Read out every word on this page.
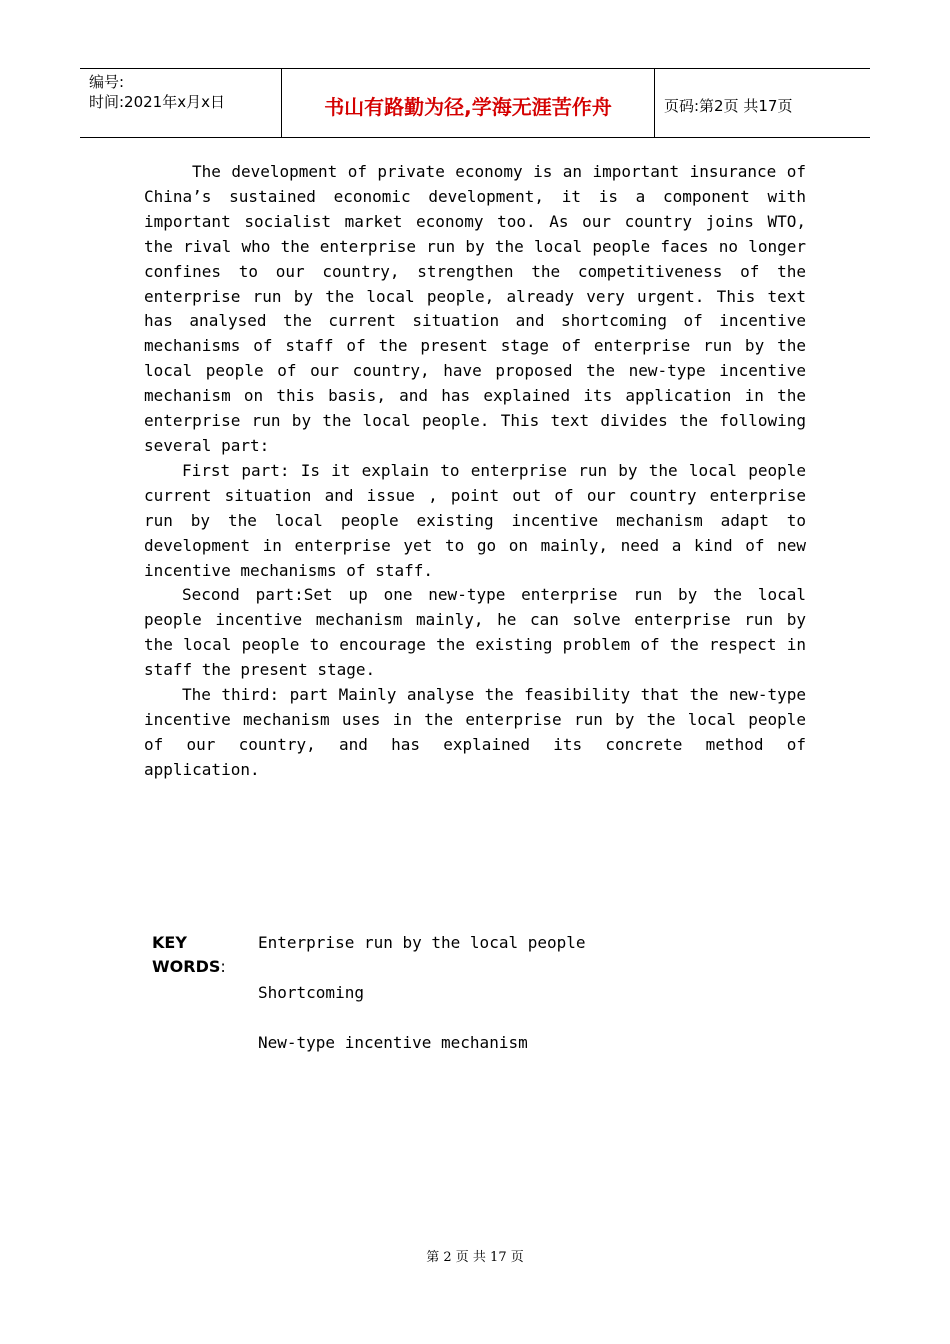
编号:
时间:2021年x月x日	书山有路勤为径,学海无涯苦作舟	页码:第2页 共17页

The development of private economy is an important insurance of China’s sustained economic development, it is a component with important socialist market economy too. As our country joins WTO, the rival who the enterprise run by the local people faces no longer confines to our country, strengthen the competitiveness of the enterprise run by the local people, already very urgent. This text has analysed the current situation and shortcoming of incentive mechanisms of staff of the present stage of enterprise run by the local people of our country, have proposed the new-type incentive mechanism on this basis, and has explained its application in the enterprise run by the local people. This text divides the following several part:

First part: Is it explain to enterprise run by the local people current situation and issue , point out of our country enterprise run by the local people existing incentive mechanism adapt to development in enterprise yet to go on mainly, need a kind of new incentive mechanisms of staff.

Second part:Set up one new-type enterprise run by the local people incentive mechanism mainly, he can solve enterprise run by the local people to encourage the existing problem of the respect in staff the present stage.

The third: part Mainly analyse the feasibility that the new-type incentive mechanism uses in the enterprise run by the local people of our country, and has explained its concrete method of application.

KEY WORDS:
Enterprise run by the local people
Shortcoming
New-type incentive mechanism
第 2 页 共 17 页
